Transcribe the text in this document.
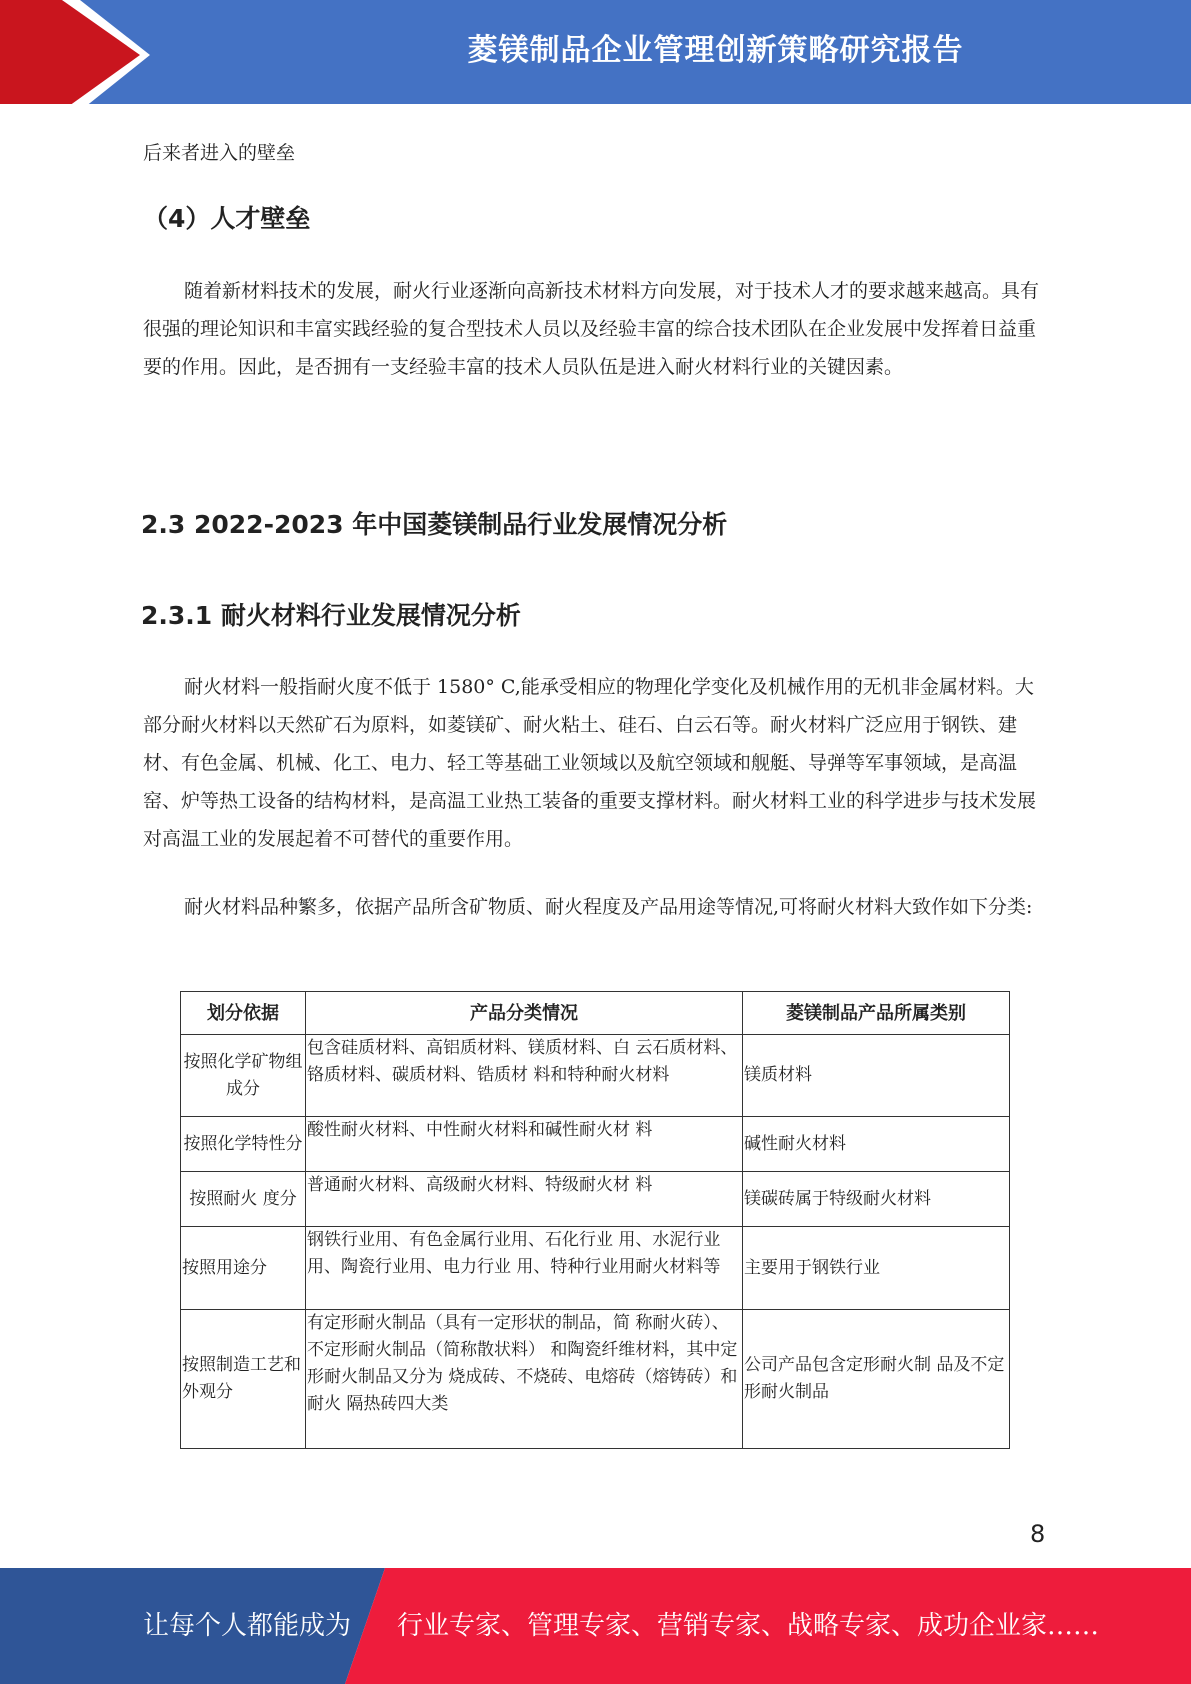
菱镁制品企业管理创新策略研究报告

后来者进入的壁垒

（4）人才壁垒

随着新材料技术的发展，耐火行业逐渐向高新技术材料方向发展，对于技术人才的要求越来越高。具有很强的理论知识和丰富实践经验的复合型技术人员以及经验丰富的综合技术团队在企业发展中发挥着日益重要的作用。因此，是否拥有一支经验丰富的技术人员队伍是进入耐火材料行业的关键因素。

2.3 2022-2023 年中国菱镁制品行业发展情况分析
2.3.1 耐火材料行业发展情况分析

耐火材料一般指耐火度不低于 1580° C,能承受相应的物理化学变化及机械作用的无机非金属材料。大部分耐火材料以天然矿石为原料，如菱镁矿、耐火粘土、硅石、白云石等。耐火材料广泛应用于钢铁、建材、有色金属、机械、化工、电力、轻工等基础工业领域以及航空领域和舰艇、导弹等军事领域，是高温窑、炉等热工设备的结构材料，是高温工业热工装备的重要支撑材料。耐火材料工业的科学进步与技术发展对高温工业的发展起着不可替代的重要作用。

耐火材料品种繁多，依据产品所含矿物质、耐火程度及产品用途等情况,可将耐火材料大致作如下分类:

划分依据	产品分类情况	菱镁制品产品所属类别
按照化学矿物组成分	包含硅质材料、高铝质材料、镁质材料、白 云石质材料、铬质材料、碳质材料、锆质材 料和特种耐火材料	镁质材料
按照化学特性分	酸性耐火材料、中性耐火材料和碱性耐火材 料	碱性耐火材料
按照耐火 度分	普通耐火材料、高级耐火材料、特级耐火材 料	镁碳砖属于特级耐火材料
按照用途分	钢铁行业用、有色金属行业用、石化行业 用、水泥行业用、陶瓷行业用、电力行业 用、特种行业用耐火材料等	主要用于钢铁行业
按照制造工艺和外观分	有定形耐火制品（具有一定形状的制品，简 称耐火砖）、不定形耐火制品（简称散状料） 和陶瓷纤维材料，其中定形耐火制品又分为 烧成砖、不烧砖、电熔砖（熔铸砖）和耐火 隔热砖四大类	公司产品包含定形耐火制 品及不定形耐火制品
8
让每个人都能成为 行业专家、管理专家、营销专家、战略专家、成功企业家……
